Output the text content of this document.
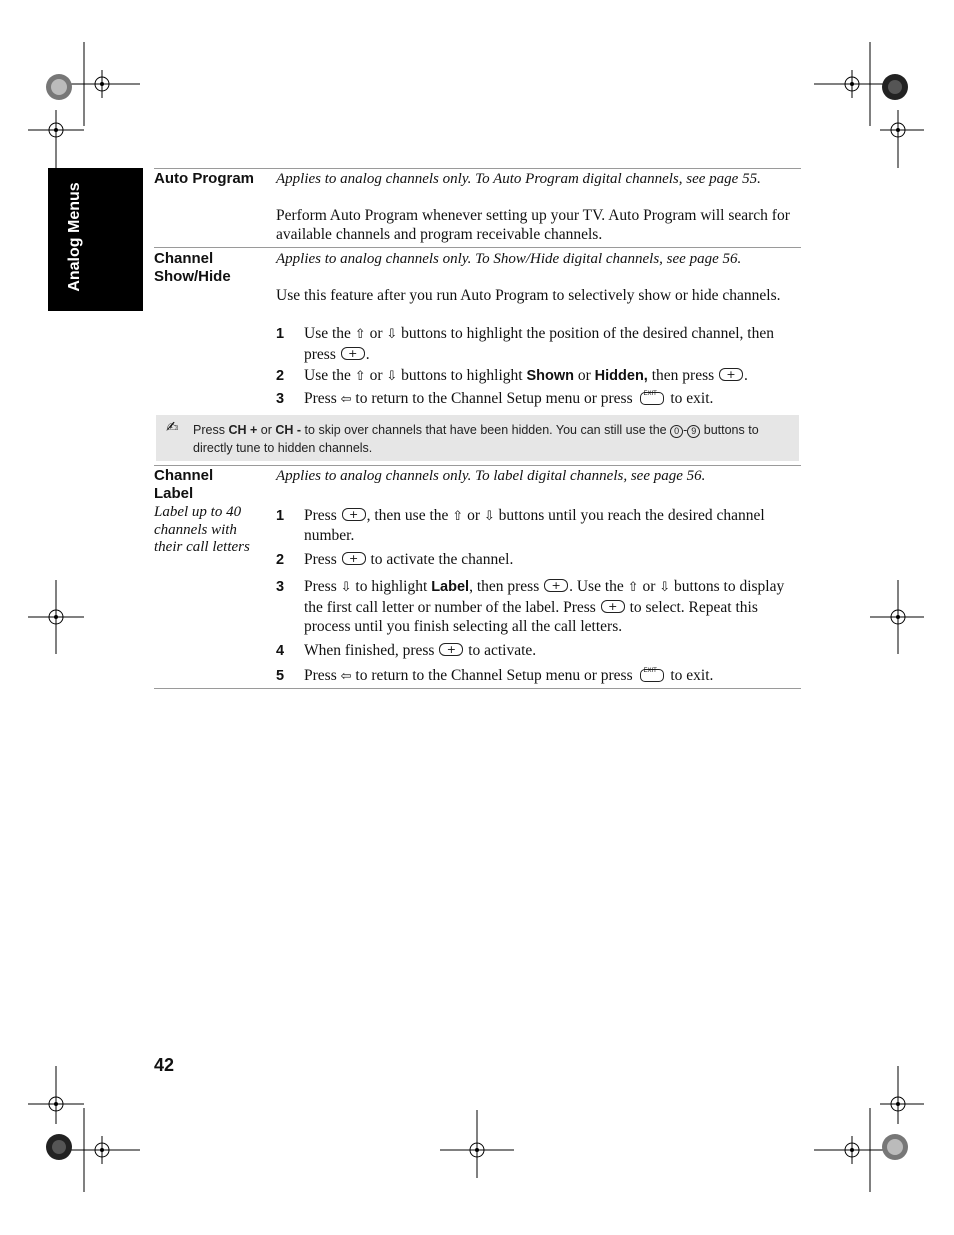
Analog Menus
Auto Program Applies to analog channels only. To Auto Program digital channels, see page 55.
Perform Auto Program whenever setting up your TV. Auto Program will search for available channels and program receivable channels.
Channel
Show/Hide
Applies to analog channels only. To Show/Hide digital channels, see page 56.
Use this feature after you run Auto Program to selectively show or hide channels.
1 Use the ⇧ or ⇩ buttons to highlight the position of the desired channel, then press + .
2 Use the ⇧ or ⇩ buttons to highlight Shown or Hidden, then press + .
3 Press ⇦ to return to the Channel Setup menu or press EXIT to exit.
✍ Press CH + or CH - to skip over channels that have been hidden. You can still use the 0 - 9 buttons to directly tune to hidden channels.
Channel
Label
Label up to 40 channels with their call letters
Applies to analog channels only. To label digital channels, see page 56.
1 Press + , then use the ⇧ or ⇩ buttons until you reach the desired channel number.
2 Press + to activate the channel.
3 Press ⇩ to highlight Label, then press + . Use the ⇧ or ⇩ buttons to display the first call letter or number of the label. Press + to select. Repeat this process until you finish selecting all the call letters.
4 When finished, press + to activate.
5 Press ⇦ to return to the Channel Setup menu or press EXIT to exit.
42
